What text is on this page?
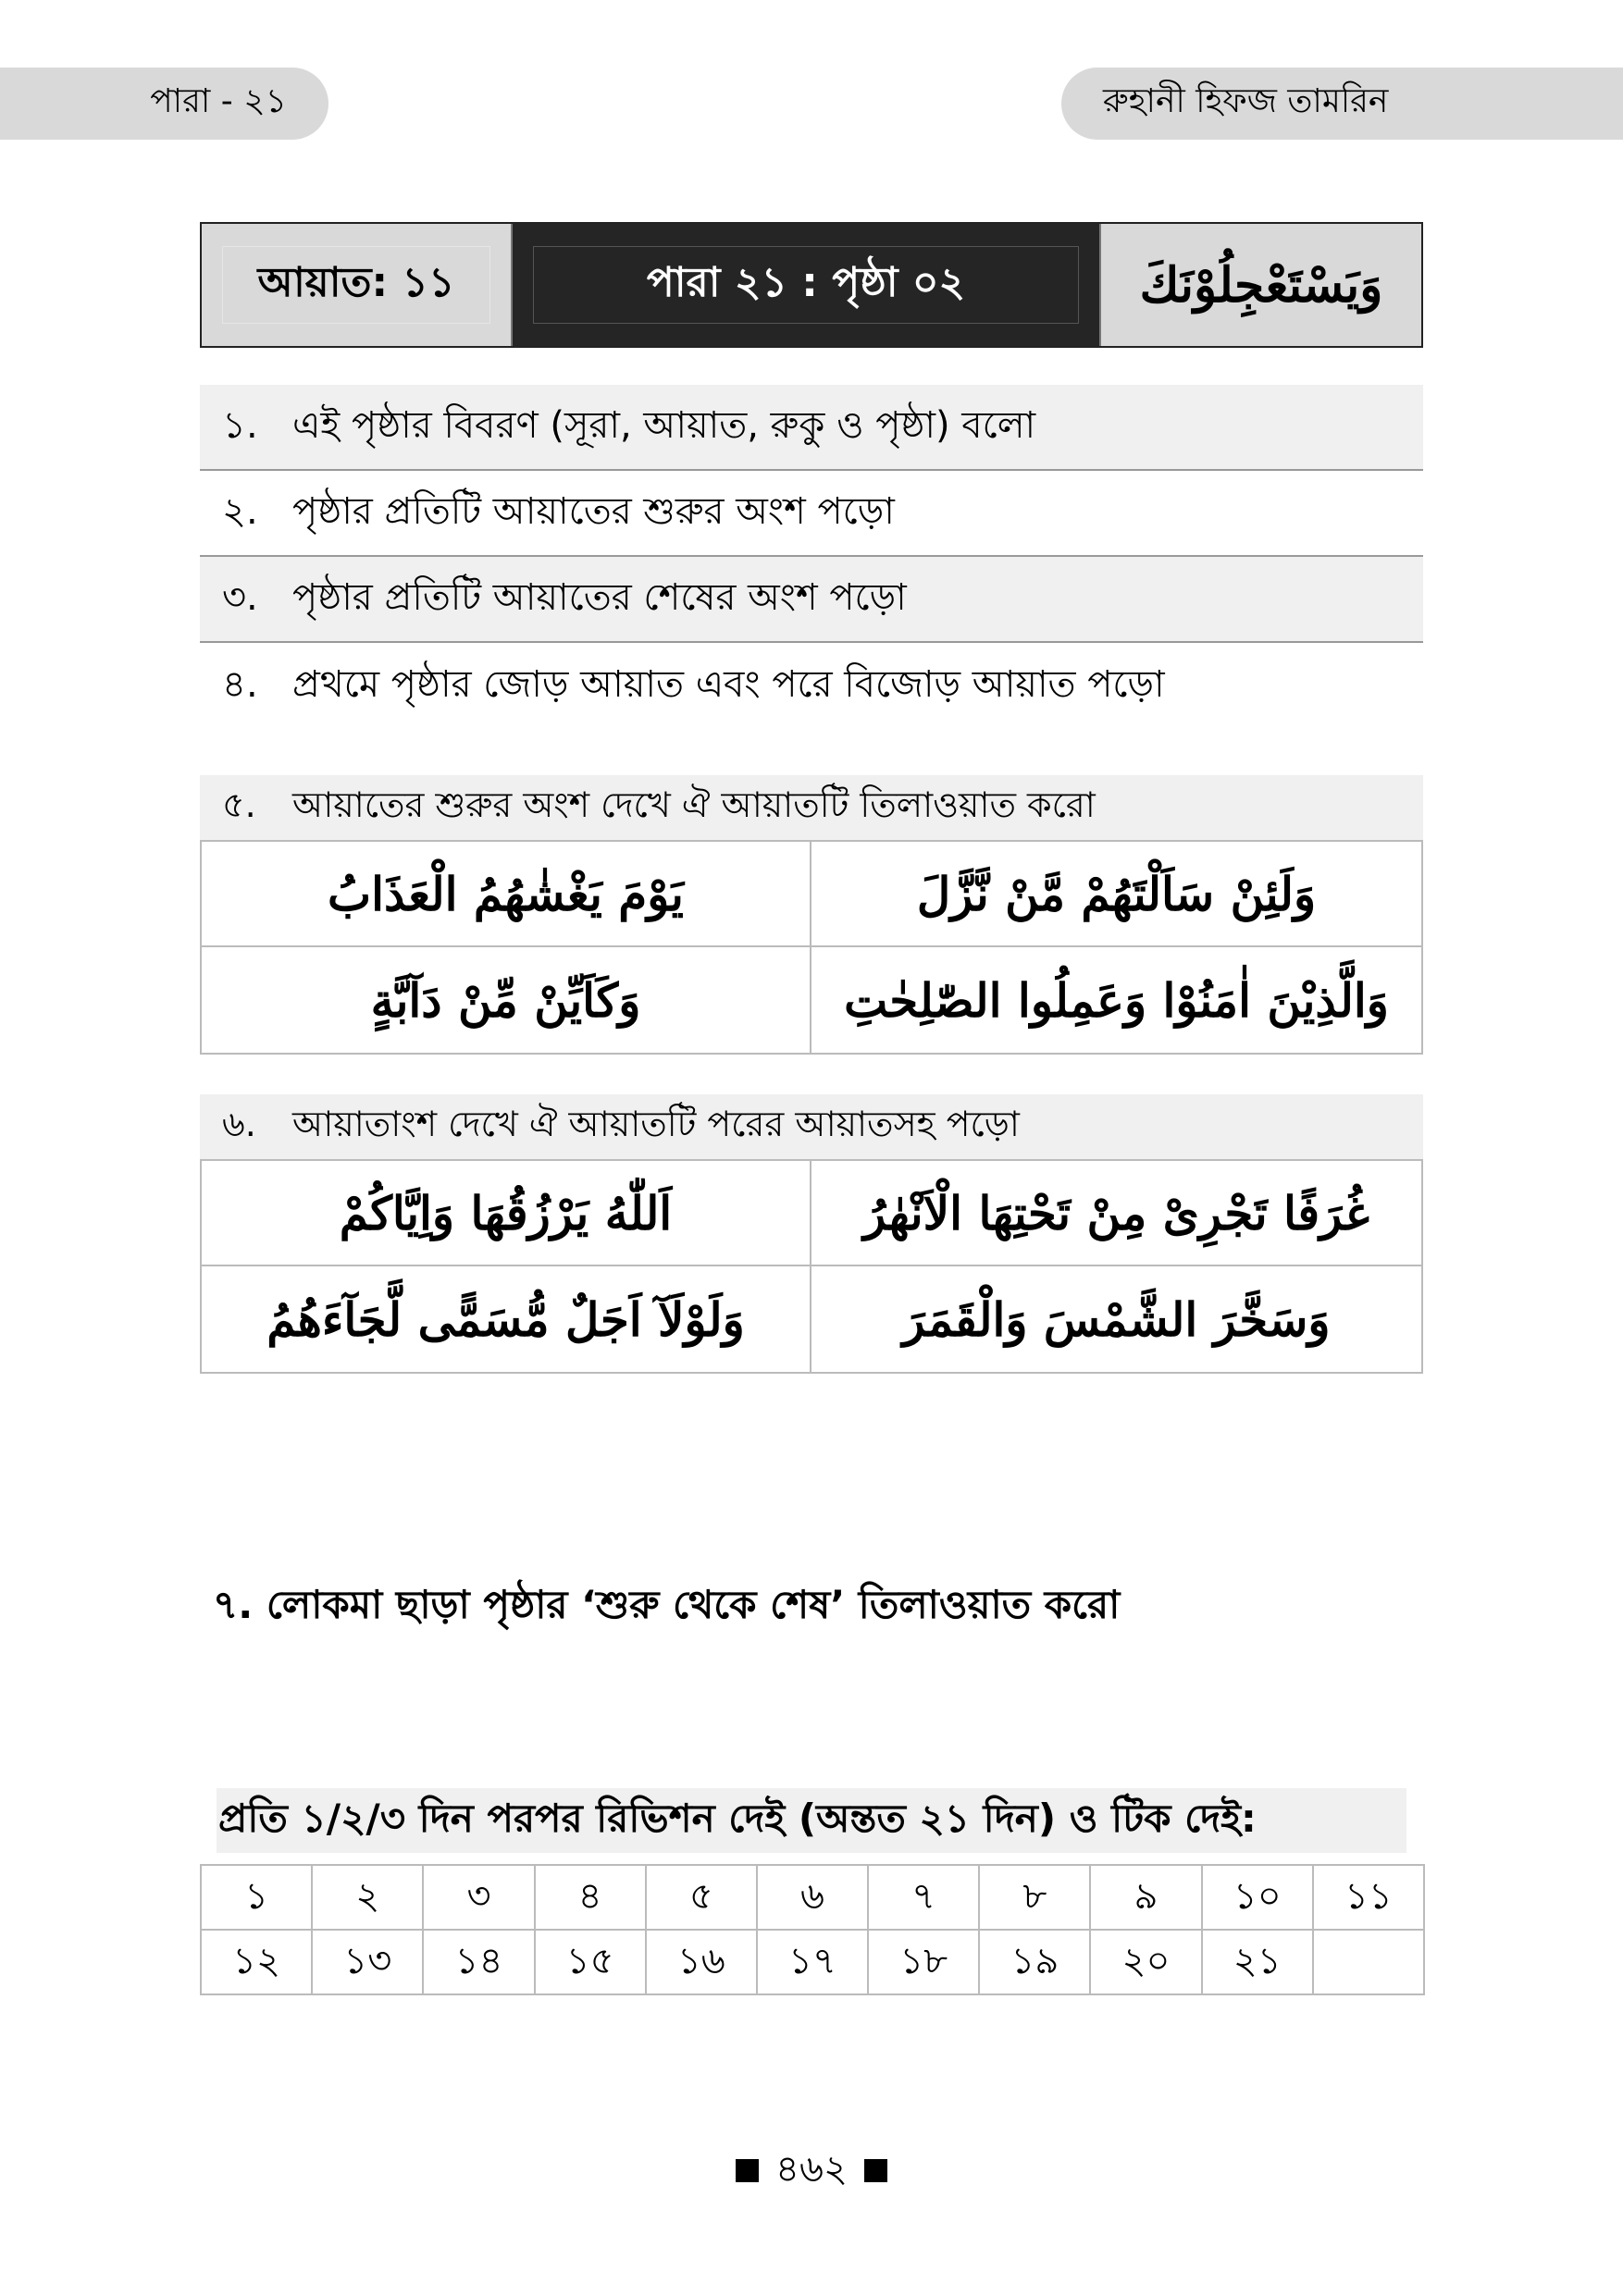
পারা - ২১	রুহানী হিফজ তামরিন
আয়াত: ১১	পারা ২১ : পৃষ্ঠা ০২	وَيَسْتَعْجِلُوْنَكَ
১. এই পৃষ্ঠার বিবরণ (সূরা, আয়াত, রুকু ও পৃষ্ঠা) বলো
২. পৃষ্ঠার প্রতিটি আয়াতের শুরুর অংশ পড়ো
৩. পৃষ্ঠার প্রতিটি আয়াতের শেষের অংশ পড়ো
৪. প্রথমে পৃষ্ঠার জোড় আয়াত এবং পরে বিজোড় আয়াত পড়ো
৫.	আয়াতের শুরুর অংশ দেখে ঐ আয়াতটি তিলাওয়াত করো
يَوْمَ يَغْشٰهُمُ الْعَذَابُ	وَلَئِنْ سَاَلْتَهُمْ مَّنْ نَّزَّلَ
وَكَاَيِّنْ مِّنْ دَآبَّةٍ	وَالَّذِيْنَ اٰمَنُوْا وَعَمِلُوا الصّٰلِحٰتِ
৬.	আয়াতাংশ দেখে ঐ আয়াতটি পরের আয়াতসহ পড়ো
اَللّٰهُ يَرْزُقُهَا وَاِيَّاكُمْ	غُرَفًا تَجْرِىْ مِنْ تَحْتِهَا الْاَنْهٰرُ
وَلَوْلَآ اَجَلٌ مُّسَمًّى لَّجَآءَهُمُ	وَسَخَّرَ الشَّمْسَ وَالْقَمَرَ
৭. লোকমা ছাড়া পৃষ্ঠার ‘শুরু থেকে শেষ’ তিলাওয়াত করো
প্রতি ১/২/৩ দিন পরপর রিভিশন দেই (অন্তত ২১ দিন) ও টিক দেই:
১	২	৩	৪	৫	৬	৭	৮	৯	১০	১১
১২	১৩	১৪	১৫	১৬	১৭	১৮	১৯	২০	২১
৪৬২
